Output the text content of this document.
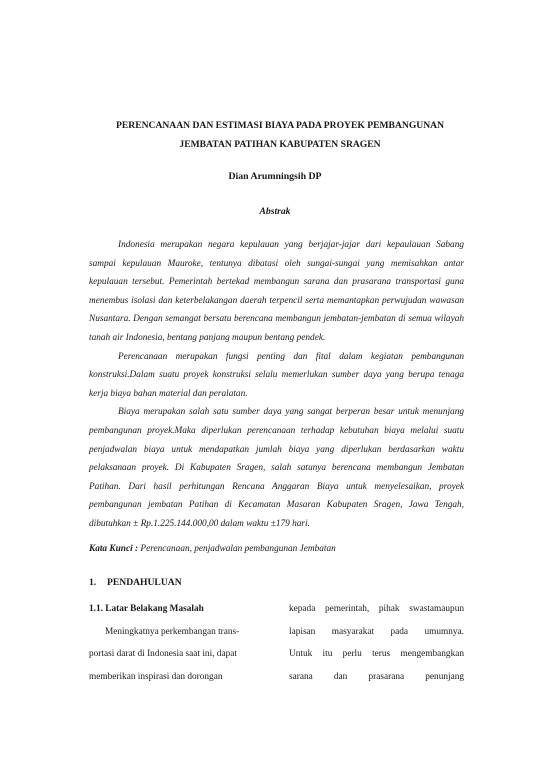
PERENCANAAN DAN ESTIMASI BIAYA PADA PROYEK PEMBANGUNAN
JEMBATAN PATIHAN KABUPATEN SRAGEN
Dian Arumningsih DP
Abstrak

Indonesia merupakan negara kepulauan yang berjajar-jajar dari kepaulauan Sabang sampai kepulauan Mauroke, tentunya dibatasi oleh sungai-sungai yang memisahkan antar kepulauan tersebut. Pemerintah bertekad membangun sarana dan prasarana transportasi guna menembus isolasi dan keterbelakangan daerah terpencil serta memantapkan perwujudan wawasan Nusantara. Dengan semangat bersatu berencana membangun jembatan-jembatan di semua wilayah tanah air Indonesia, bentang panjang maupun bentang pendek.

Perencanaan merupakan fungsi penting dan fital dalam kegiatan pembangunan konstruksi.Dalam suatu proyek konstruksi selalu memerlukan sumber daya yang berupa tenaga kerja biaya bahan material dan peralatan.

Biaya merupakan salah satu sumber daya yang sangat berperan besar untuk menunjang pembangunan proyek.Maka diperlukan perencanaan terhadap kebutuhan biaya melalui suatu penjadwalan biaya untuk mendapatkan jumlah biaya yang diperlukan berdasarkan waktu pelaksanaan proyek. Di Kabupaten Sragen, salah satunya berencana membangun Jembatan Patihan. Dari hasil perhitungan Rencana Anggaran Biaya untuk menyelesaikan, proyek pembangunan jembatan Patihan di Kecamatan Masaran Kabupaten Sragen, Jawa Tengah, dibutuhkan ± Rp.1.225.144.000,00 dalam waktu ±179 hari.

Kata Kunci : Perencanaan, penjadwalan pembangunan Jembatan
1. PENDAHULUAN
1.1. Latar Belakang Masalah

Meningkatnya perkembangan trans-
portasi darat di Indonesia saat ini, dapat
memberikan inspirasi dan dorongan

kepada pemerintah, pihak swastamaupun
lapisan masyarakat pada umumnya.
Untuk itu perlu terus mengembangkan
sarana dan prasarana penunjang
